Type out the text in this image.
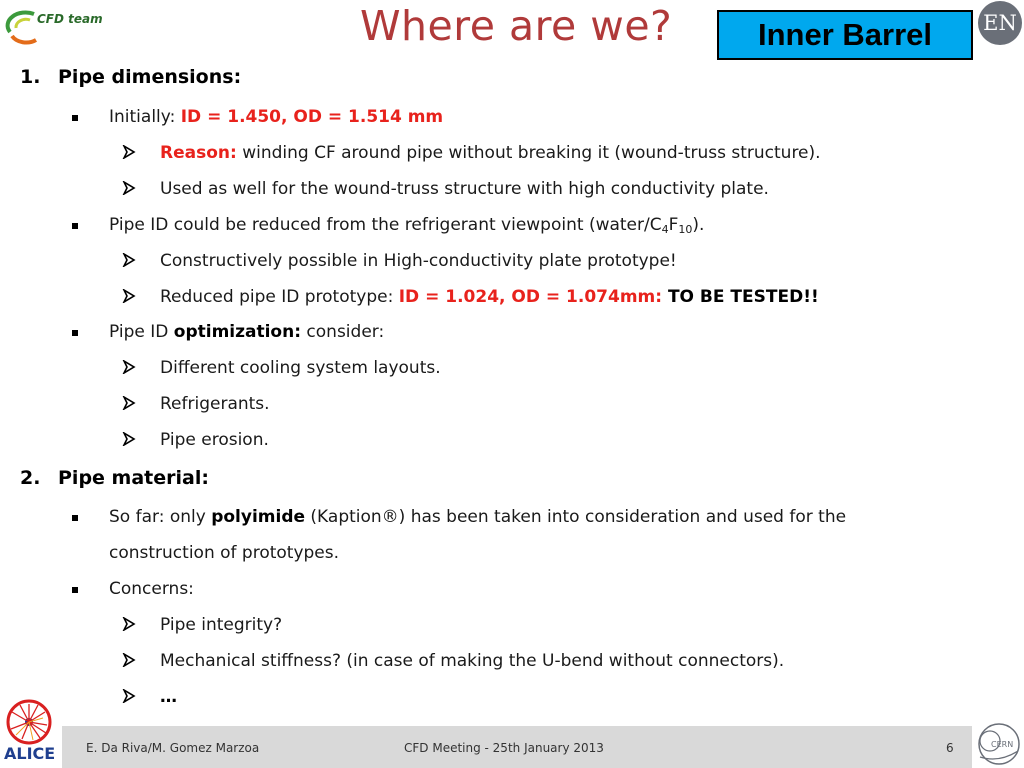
CFD team	Where are we?	Inner Barrel EN
1. Pipe dimensions:
Initially: ID = 1.450, OD = 1.514 mm
Reason: winding CF around pipe without breaking it (wound-truss structure).
Used as well for the wound-truss structure with high conductivity plate.
Pipe ID could be reduced from the refrigerant viewpoint $(water/C_4F_{10})$.
Constructively possible in High-conductivity plate prototype!
Reduced pipe ID prototype: ID = 1.024, OD = 1.074mm: TO BE TESTED!!
Pipe ID optimization: consider:
Different cooling system layouts.
Refrigerants.
Pipe erosion.
2. Pipe material:
So far: only polyimide (Kaption®) has been taken into consideration and used for the
construction of prototypes.
Concerns:
Pipe integrity?
Mechanical stiffness? (in case of making the U-bend without connectors).
…
ALICE	E. Da Riva/M. Gomez Marzoa	CFD Meeting - 25th January 2013	6	CERN
